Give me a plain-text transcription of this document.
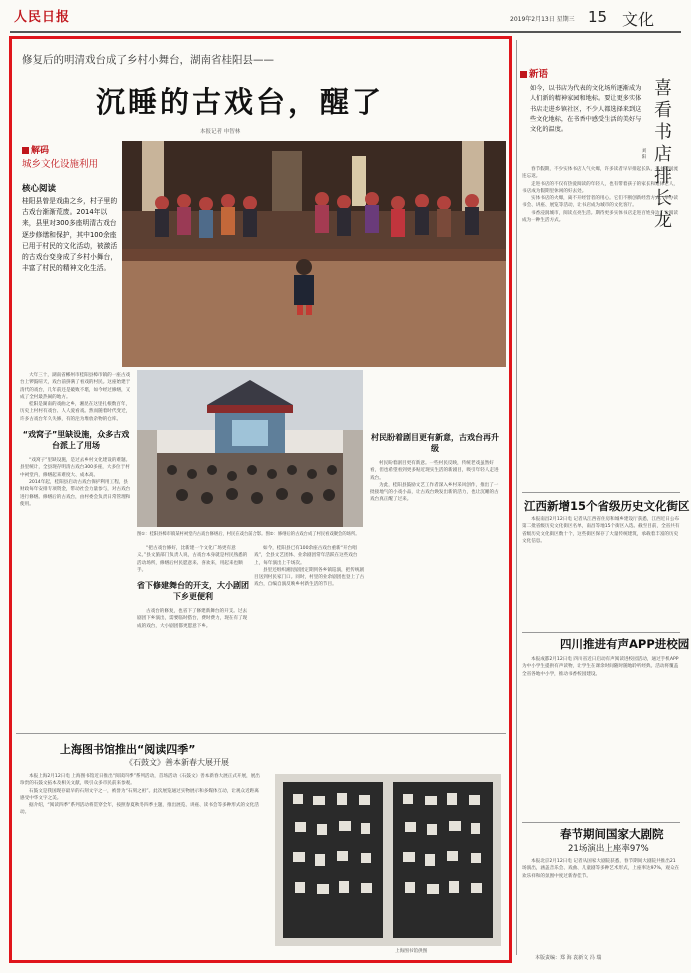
人民日报	2019年2月13日 星期三 15 文化
修复后的明清戏台成了乡村小舞台，湖南省桂阳县——
沉睡的古戏台，醒了
本报记者 申智林
解码
城乡文化设施利用
核心阅读
桂阳县曾是戏曲之乡，村子里的古戏台渐渐荒废。2014年以来，县里对300多座明清古戏台逐步修缮和保护，其中100余座已用于村民的文化活动，被激活的古戏台变身成了乡村小舞台，丰富了村民的精神文化生活。
图①：桂阳县樟市镇某村祠堂内古戏台修缮后，村民在戏台前合影。图②：修缮后的古戏台成了村民看戏聚会的场所。

大年三十，湖南省郴州市桂阳县樟市镇的一座古戏台上锣鼓喧天，戏台前挤满了看戏的村民。这座始建于清代的戏台，几年前还是破败不堪，如今经过修缮，又成了全村最热闹的地方。

桂阳是湖南的戏曲之乡，湘昆在这里扎根数百年，历史上村村有戏台、人人爱看戏。然而随着时代变迁，许多古戏台年久失修，有的沦为堆放杂物的仓库。

“戏窝子”里缺设施，众多古戏台派上了用场

“戏窝子”里缺设施，是过去乡村文化建设的难题。县里统计，全县现存明清古戏台300多座，大多位于村中祠堂内，修缮起来难度大、成本高。

2014年起，桂阳县启动古戏台保护利用工程，县财政每年安排专项资金，带动社会力量参与，对古戏台进行修缮。修缮后的古戏台，由村委会负责日常管理和使用。

“把古戏台修好，比新建一个文化广场更有意义。”县文旅部门负责人说，古戏台本身就是村民熟悉的活动场所，修缮后村民愿意来、喜欢来，用起来也顺手。

省下修建舞台的开支，大小剧团下乡更便利

古戏台的修复，也省下了修建新舞台的开支。过去剧团下乡演出，需要临时搭台，费时费力，现在有了现成的戏台，大小剧团都更愿意下乡。

如今，桂阳县已有100余座古戏台重新“开台唱戏”，全县文艺团体、业余剧团常年活跃在这些戏台上，每年演出上千场次。

县里还组织湘昆剧团定期到各乡镇巡演，把传统剧目送到村民家门口。同时，村里的业余剧团也登上了古戏台，自编自演反映乡村新生活的节目。

村民盼着剧目更有新意，古戏台再升级

村民盼着剧目更有新意。一些村民反映，传统老戏虽然好看，但也希望看到更多贴近现实生活的新剧目，吸引年轻人走进戏台。

为此，桂阳县鼓励文艺工作者深入乡村采风创作，推出了一批接地气的小戏小品，让古戏台焕发出新的活力，也让沉睡的古戏台真正醒了过来。

上海图书馆推出“阅读四季”
《石鼓文》善本新春大展开展

本报上海2月12日电 上海图书馆近日推出“阅读四季”系列活动，首场活动《石鼓文》善本新春大展正式开展，展出珍贵的石鼓文拓本及相关文献，吸引众多市民前来参观。

石鼓文是我国现存最早的石刻文字之一，被誉为“石刻之祖”。此次展览通过实物展示和多媒体互动，让观众近距离感受中华文字之美。

据介绍，“阅读四季”系列活动将贯穿全年，按照春夏秋冬四季主题，推出展览、讲座、读书会等多种形式的文化活动。

上海图书馆供图
新语
如今，以书店为代表的文化场所逐渐成为人们新的精神家园和地标。要让更多实体书店走进乡镇社区，不少人都选择来到这些文化地标，在书香中感受生活的美好与文化的温度。
喜看书店排长龙
刘 阳

春节假期，不少实体书店人气火爆，许多读者早早排起长队，在书架间流连忘返。

走进书店的不仅有热爱阅读的年轻人，也有带着孩子的家长和退休老人，书店成为假期里休闲的好去处。

实体书店的火爆，离不开经营者的用心。它们不断创新经营方式，举办读书会、讲座、展览等活动，让书店成为城市的文化客厅。

书香浸润城市，阅读点亮生活。期待更多实体书店走进百姓身边，让阅读成为一种生活方式。

江西新增15个省级历史文化街区

本报南昌2月12日电 记者从江西省住房和城乡建设厅获悉，江西近日公布第二批省级历史文化街区名单，南昌等地15个街区入选。截至目前，全省共有省级历史文化街区数十个，这些街区保存了大量传统建筑，承载着丰富的历史文化信息。

四川推进有声APP进校园

本报成都2月12日电 四川省近日启动有声阅读进校园活动，通过手机APP为中小学生提供有声读物，让学生在课余时间随时随地聆听经典。活动将覆盖全省各地中小学，推动书香校园建设。

春节期间国家大剧院
21场演出上座率97%

本报北京2月12日电 记者从国家大剧院获悉，春节期间大剧院共推出21场演出，涵盖音乐会、戏曲、儿童剧等多种艺术形式，上座率达97%，观众在欢乐祥和的氛围中度过新春佳节。

本版责编：郑 海 袁新文 冯 瑞
